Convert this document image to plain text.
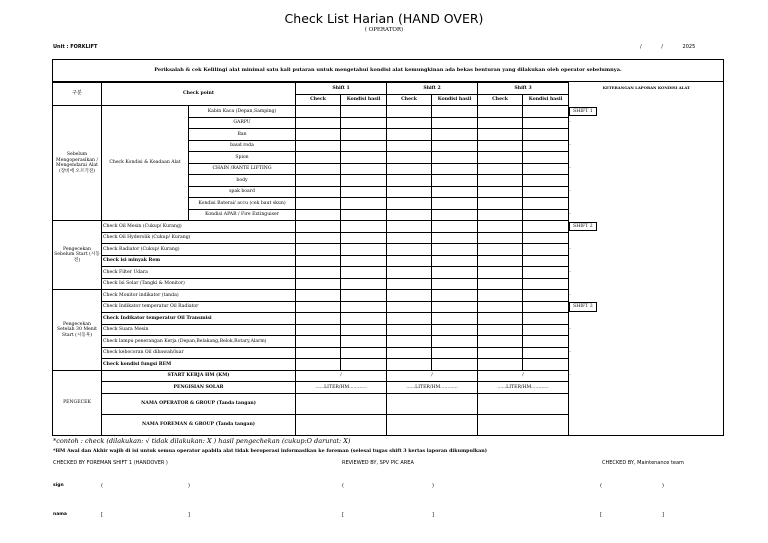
Check List Harian (HAND OVER)
( OPERATOR)
Unit : FORKLIFT	/ / 2025
Periksalah & cek Kelilingi alat minimal satu kali putaran untuk mengetahui kondisi alat kemungkinan ada bekas benturan yang dilakukan oleh operator sebelumnya.
구분	Check point		Shift 1		Shift 2		Shift 3		KETERANGAN LAPORAN KONDISI ALAT
			Check	Kondisi hasil	Check	Kondisi hasil	Check	Kondisi hasil	
Sebelum Mengoperasikan / Mengendarai Alat (장비에 오르기전)	Check Kondisi & Keadaan Alat	Kabin Kaca (Depan,Samping)							SHIFT 1
		GARPU							-
		Ban							
		baud roda							-
		Spion							
		CHAIN /RANTE LIFTING							-
		body							
		spak board							-
		Kondisi Baterai/ accu (cek baut skun)							
		Kondisi APAR / Fire Extinguiser							-
Pengecekan Sebelum Start (시동전)	Check Oil Mesin (Cukup/ Kurang)								SHIFT 2
	Check Oil Hyderolik (Cukup/ Kurang)								
	Check Radiator (Cukup/ Kurang)								-
	Check isi minyak Rem								
	Check Filter Udara								-
	Check Isi Solar (Tangki & Monitor)								
Pengecekan Setelah 30 Menit Start (시동후)	Check Monitor indikator (tanda)								-
	Check Indikator temperatur Oil Radiator								SHIFT 3
	Check Indikator temperatur Oil Transmisi								
	Check Suara Mesin								-
	Check lampu penerangan Kerja (Depan,Belakang,Belok,Rotary,Alarm)								
	Check kebocoran Oil dibawah/luar								-
	Check kondisi fungsi REM								
PENGECEK	START KERJA HM (KM)		/		/		/		-
	PENGISIAN SOLAR		......LITER/HM............		......LITER/HM............		......LITER/HM............		
	NAMA OPERATOR & GROUP (Tanda tangan)								
	NAMA FOREMAN & GROUP (Tanda tangan)								
*contoh : check (dilakukan: √ tidak dilakukan: X ) hasil pengechekan (cukup:O darurat: X)
*HM Awal dan Akhir wajib di isi untuk semua operator apabila alat tidak beroperasi informasikan ke foreman (selesai tugas shift 3 kertas laporan dikumpulkan)
CHECKED BY FOREMAN SHIFT 1 (HANDOVER )	REVIEWED BY, SPV PIC AREA	CHECKED BY, Maintenance team
sign	(	)	(	)	(	)
nama	[	]	[	]	[	]
